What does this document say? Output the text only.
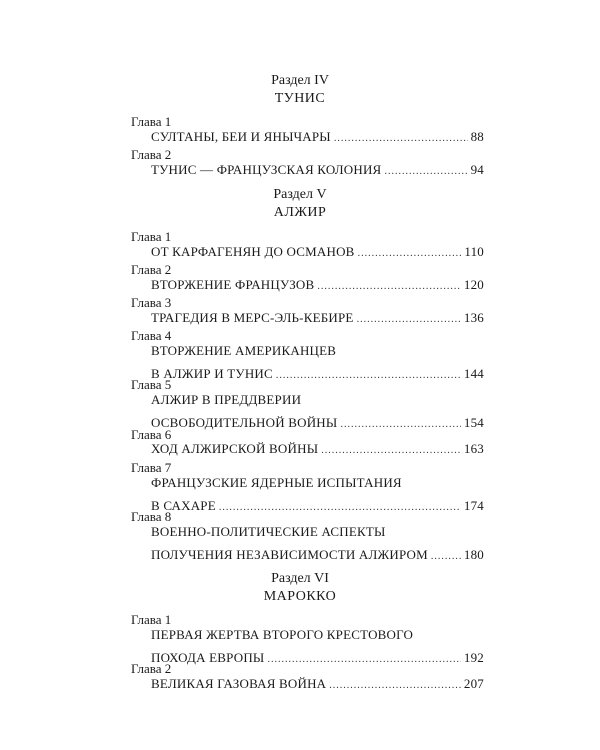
Раздел IV
ТУНИС
Глава 1
СУЛТАНЫ, БЕИ И ЯНЫЧАРЫ .....	88
Глава 2
ТУНИС — ФРАНЦУЗСКАЯ КОЛОНИЯ .....	94
Раздел V
АЛЖИР
Глава 1
ОТ КАРФАГЕНЯН ДО ОСМАНОВ .....	110
Глава 2
ВТОРЖЕНИЕ ФРАНЦУЗОВ .....	120
Глава 3
ТРАГЕДИЯ В МЕРС-ЭЛЬ-КЕБИРЕ .....	136
Глава 4
ВТОРЖЕНИЕ АМЕРИКАНЦЕВ
В АЛЖИР И ТУНИС .....	144
Глава 5
АЛЖИР В ПРЕДДВЕРИИ
ОСВОБОДИТЕЛЬНОЙ ВОЙНЫ .....	154
Глава 6
ХОД АЛЖИРСКОЙ ВОЙНЫ .....	163
Глава 7
ФРАНЦУЗСКИЕ ЯДЕРНЫЕ ИСПЫТАНИЯ
В САХАРЕ .....	174
Глава 8
ВОЕННО-ПОЛИТИЧЕСКИЕ АСПЕКТЫ
ПОЛУЧЕНИЯ НЕЗАВИСИМОСТИ АЛЖИРОМ .....	180
Раздел VI
МАРОККО
Глава 1
ПЕРВАЯ ЖЕРТВА ВТОРОГО КРЕСТОВОГО
ПОХОДА ЕВРОПЫ .....	192
Глава 2
ВЕЛИКАЯ ГАЗОВАЯ ВОЙНА .....	207
